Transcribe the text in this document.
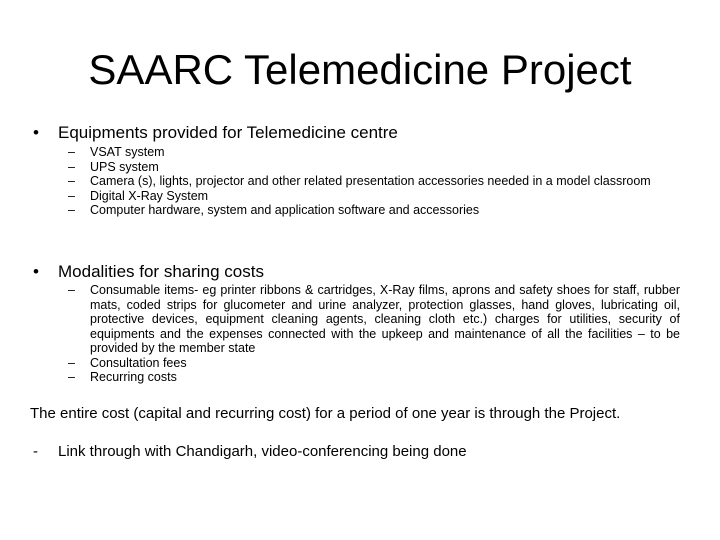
SAARC Telemedicine Project
• Equipments provided for Telemedicine centre
–	VSAT system
–	UPS system
–	Camera (s), lights, projector and other related presentation accessories needed in a model classroom
–	Digital X-Ray System
–	Computer hardware, system and application software and accessories
• Modalities for sharing costs
–	Consumable items- eg printer ribbons & cartridges, X-Ray films, aprons and safety shoes for staff, rubber mats, coded strips for glucometer and urine analyzer, protection glasses, hand gloves, lubricating oil, protective devices, equipment cleaning agents, cleaning cloth etc.) charges for utilities, security of equipments and the expenses connected with the upkeep and maintenance of all the facilities – to be provided by the member state
–	Consultation fees
–	Recurring costs
The entire cost (capital and recurring cost) for a period of one year is through the Project.
- Link through with Chandigarh, video-conferencing being done
